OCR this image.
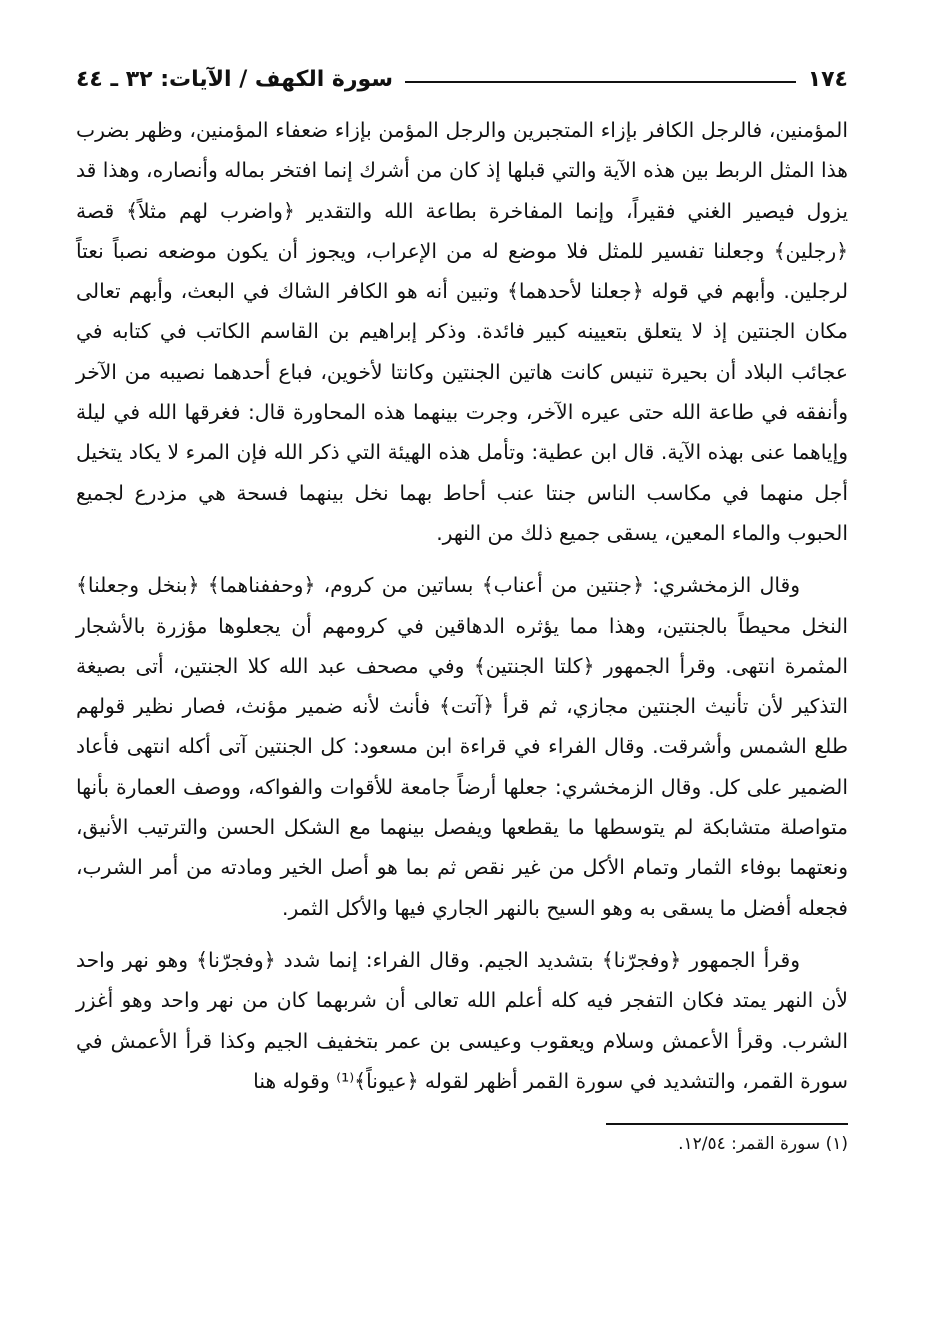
١٧٤
سورة الكهف / الآيات: ٣٢ ـ ٤٤

المؤمنين، فالرجل الكافر بإزاء المتجبرين والرجل المؤمن بإزاء ضعفاء المؤمنين، وظهر بضرب هذا المثل الربط بين هذه الآية والتي قبلها إذ كان من أشرك إنما افتخر بماله وأنصاره، وهذا قد يزول فيصير الغني فقيراً، وإنما المفاخرة بطاعة الله والتقدير ﴿واضرب لهم مثلاً﴾ قصة ﴿رجلين﴾ وجعلنا تفسير للمثل فلا موضع له من الإعراب، ويجوز أن يكون موضعه نصباً نعتاً لرجلين. وأبهم في قوله ﴿جعلنا لأحدهما﴾ وتبين أنه هو الكافر الشاك في البعث، وأبهم تعالى مكان الجنتين إذ لا يتعلق بتعيينه كبير فائدة. وذكر إبراهيم بن القاسم الكاتب في كتابه في عجائب البلاد أن بحيرة تنيس كانت هاتين الجنتين وكانتا لأخوين، فباع أحدهما نصيبه من الآخر وأنفقه في طاعة الله حتى عيره الآخر، وجرت بينهما هذه المحاورة قال: فغرقها الله في ليلة وإياهما عنى بهذه الآية. قال ابن عطية: وتأمل هذه الهيئة التي ذكر الله فإن المرء لا يكاد يتخيل أجل منهما في مكاسب الناس جنتا عنب أحاط بهما نخل بينهما فسحة هي مزدرع لجميع الحبوب والماء المعين، يسقى جميع ذلك من النهر.

وقال الزمخشري: ﴿جنتين من أعناب﴾ بساتين من كروم، ﴿وحففناهما﴾ ﴿بنخل وجعلنا﴾ النخل محيطاً بالجنتين، وهذا مما يؤثره الدهاقين في كرومهم أن يجعلوها مؤزرة بالأشجار المثمرة انتهى. وقرأ الجمهور ﴿كلتا الجنتين﴾ وفي مصحف عبد الله كلا الجنتين، أتى بصيغة التذكير لأن تأنيث الجنتين مجازي، ثم قرأ ﴿آتت﴾ فأنث لأنه ضمير مؤنث، فصار نظير قولهم طلع الشمس وأشرقت. وقال الفراء في قراءة ابن مسعود: كل الجنتين آتى أكله انتهى فأعاد الضمير على كل. وقال الزمخشري: جعلها أرضاً جامعة للأقوات والفواكه، ووصف العمارة بأنها متواصلة متشابكة لم يتوسطها ما يقطعها ويفصل بينهما مع الشكل الحسن والترتيب الأنيق، ونعتهما بوفاء الثمار وتمام الأكل من غير نقص ثم بما هو أصل الخير ومادته من أمر الشرب، فجعله أفضل ما يسقى به وهو السيح بالنهر الجاري فيها والأكل الثمر.

وقرأ الجمهور ﴿وفجرّنا﴾ بتشديد الجيم. وقال الفراء: إنما شدد ﴿وفجرّنا﴾ وهو نهر واحد لأن النهر يمتد فكان التفجر فيه كله أعلم الله تعالى أن شربهما كان من نهر واحد وهو أغزر الشرب. وقرأ الأعمش وسلام ويعقوب وعيسى بن عمر بتخفيف الجيم وكذا قرأ الأعمش في سورة القمر، والتشديد في سورة القمر أظهر لقوله ﴿عيوناً﴾⁽¹⁾ وقوله هنا

(١) سورة القمر: ١٢/٥٤.
